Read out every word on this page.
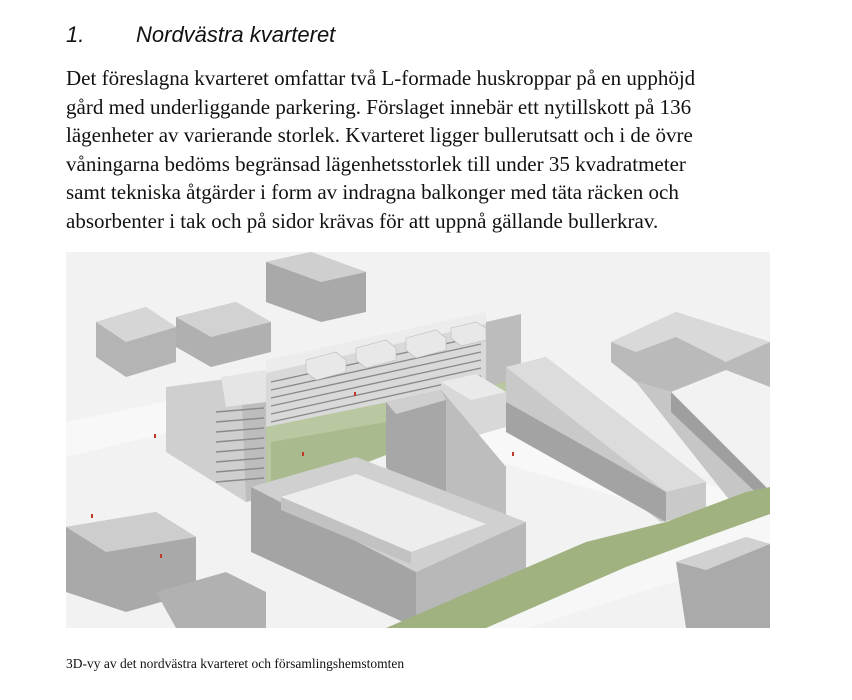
1. Nordvästra kvarteret
Det föreslagna kvarteret omfattar två L-formade huskroppar på en upphöjd
gård med underliggande parkering. Förslaget innebär ett nytillskott på 136
lägenheter av varierande storlek. Kvarteret ligger bullerutsatt och i de övre
våningarna bedöms begränsad lägenhetsstorlek till under 35 kvadratmeter
samt tekniska åtgärder i form av indragna balkonger med täta räcken och
absorbenter i tak och på sidor krävas för att uppnå gällande bullerkrav.
3D-vy av det nordvästra kvarteret och församlingshemstomten
